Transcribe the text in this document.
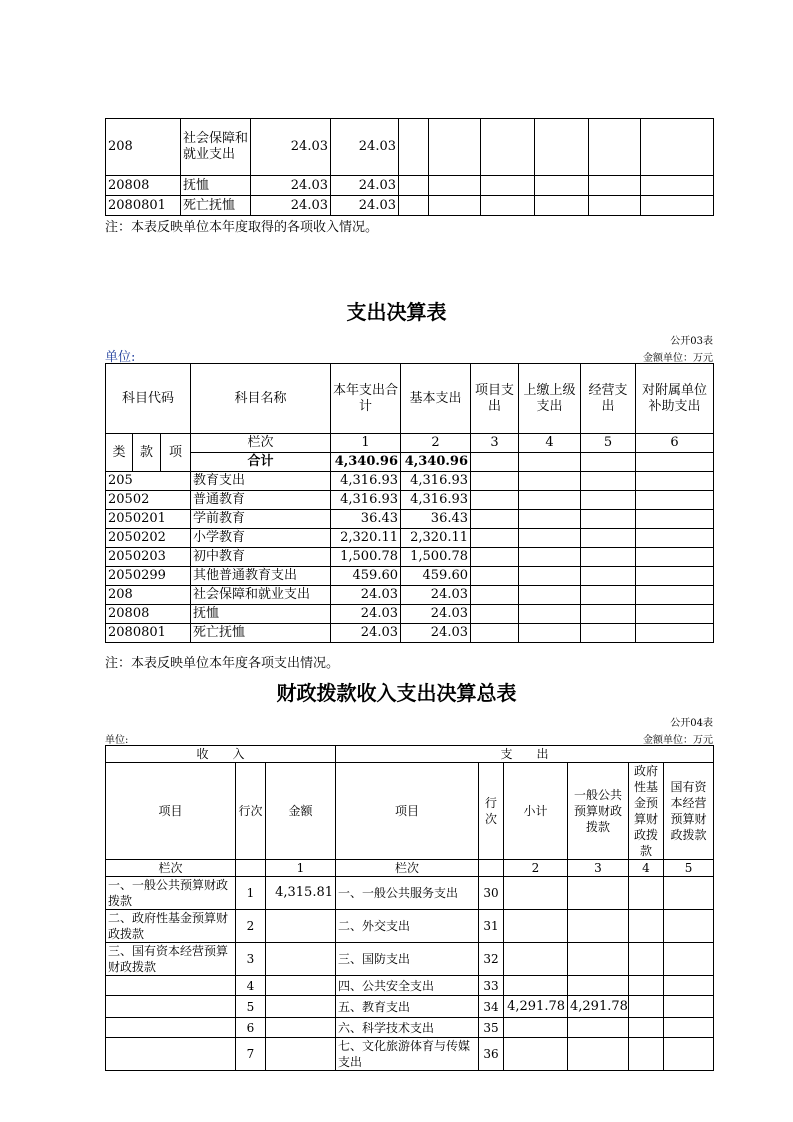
208	社会保障和就业支出	24.03	24.03						
20808	抚恤	24.03	24.03						
2080801	死亡抚恤	24.03	24.03						
注：本表反映单位本年度取得的各项收入情况。
支出决算表
公开03表
单位:	金额单位：万元
科目代码			科目名称	本年支出合计	基本支出	项目支出	上缴上级支出	经营支出	对附属单位补助支出
类	款	项	栏次	1	2	3	4	5	6
			合计	4,340.96	4,340.96				
205			教育支出	4,316.93	4,316.93				
20502			普通教育	4,316.93	4,316.93				
2050201			学前教育	36.43	36.43				
2050202			小学教育	2,320.11	2,320.11				
2050203			初中教育	1,500.78	1,500.78				
2050299			其他普通教育支出	459.60	459.60				
208			社会保障和就业支出	24.03	24.03				
20808			抚恤	24.03	24.03				
2080801			死亡抚恤	24.03	24.03				
注：本表反映单位本年度各项支出情况。
财政拨款收入支出决算总表
公开04表
单位:	金额单位：万元
收　　入			支　　出					
项目	行次	金额	项目	行次	小计	一般公共预算财政拨款	政府性基金预算财政拨款	国有资本经营预算财政拨款
栏次		1	栏次		2	3	4	5
一、一般公共预算财政拨款	1	4,315.81	一、一般公共服务支出	30				
二、政府性基金预算财政拨款	2		二、外交支出	31				
三、国有资本经营预算财政拨款	3		三、国防支出	32				
	4		四、公共安全支出	33				
	5		五、教育支出	34	4,291.78	4,291.78		
	6		六、科学技术支出	35				
	7		七、文化旅游体育与传媒支出	36				
